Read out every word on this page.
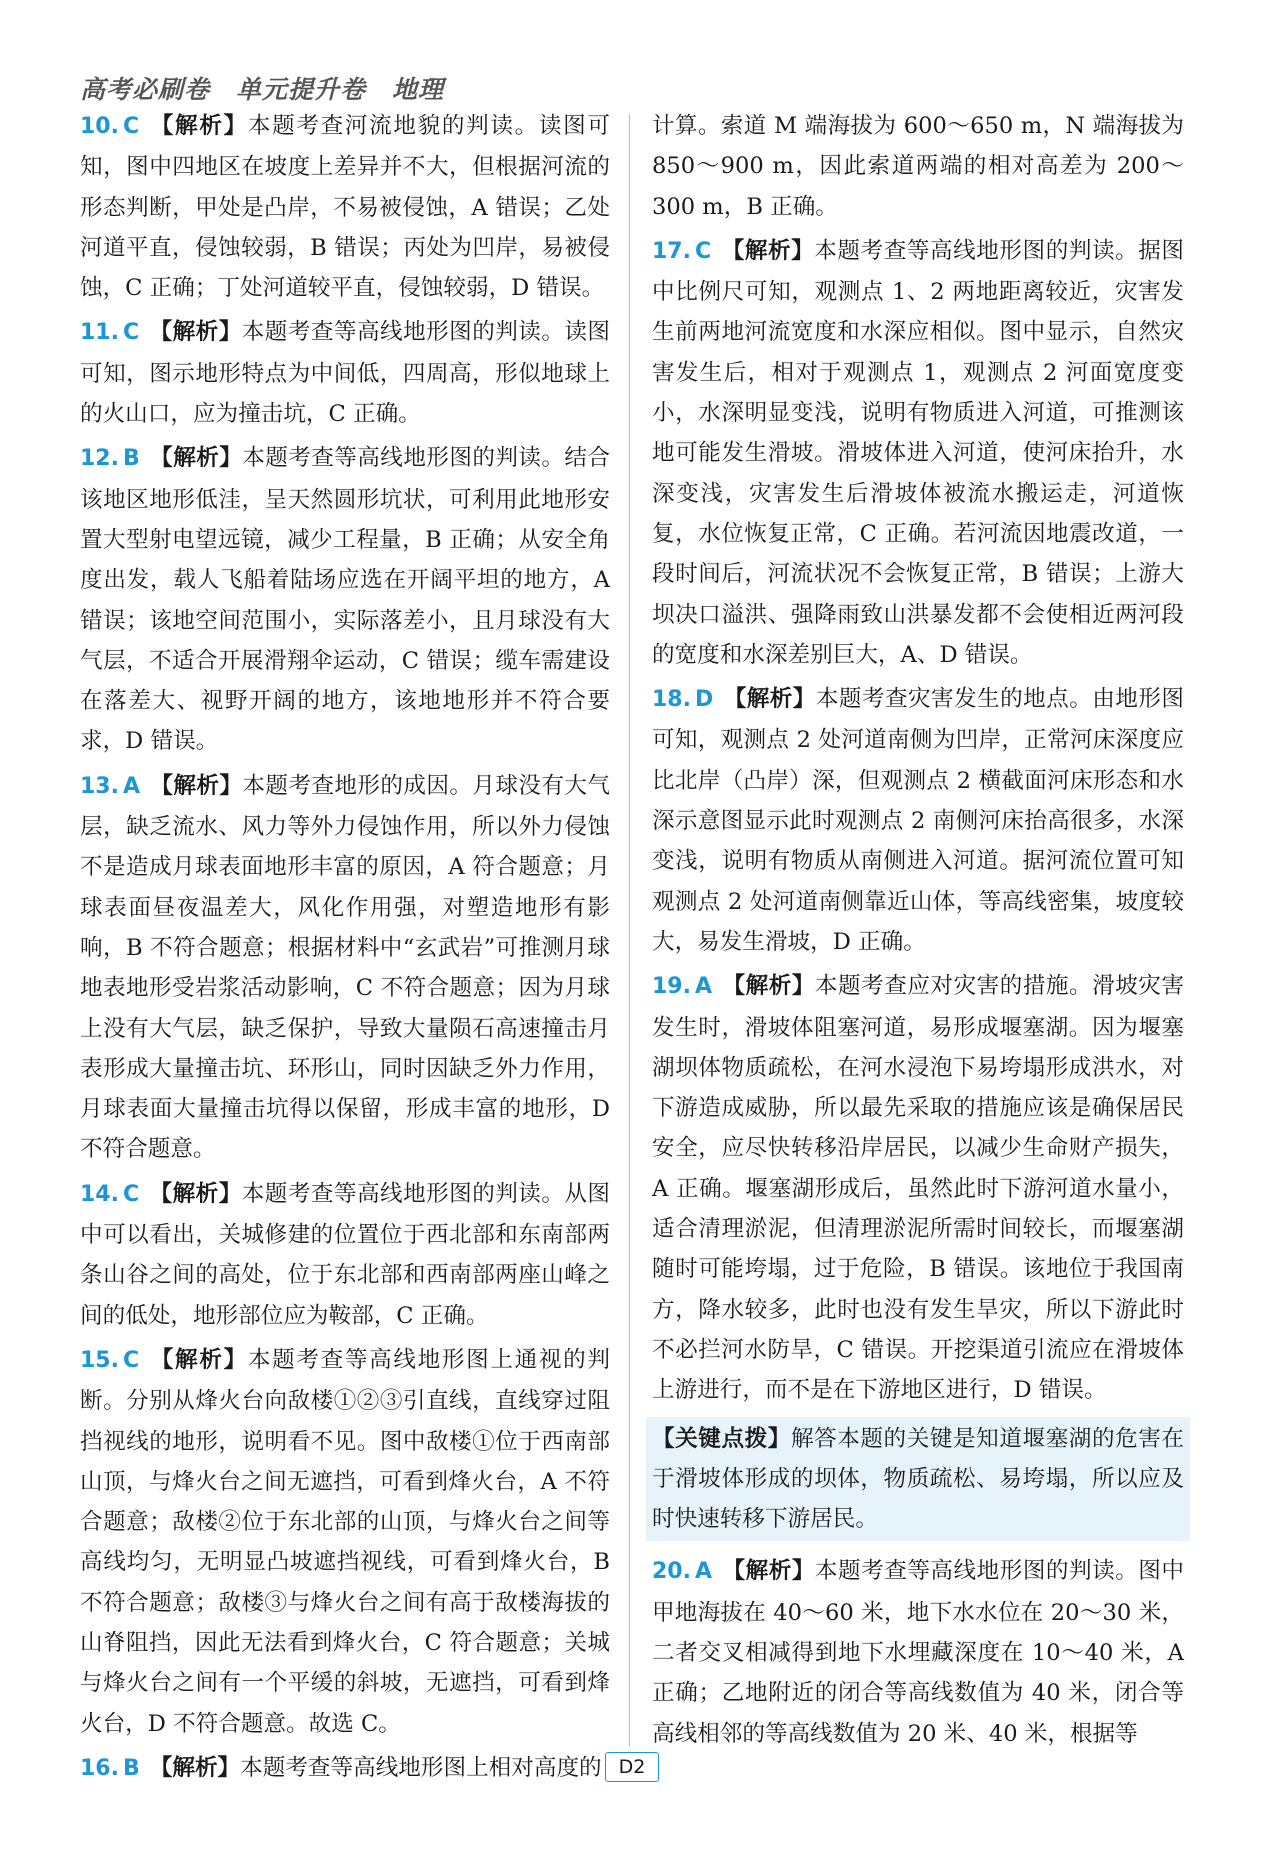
高考必刷卷　单元提升卷　地理

10. C 【解析】本题考查河流地貌的判读。读图可知，图中四地区在坡度上差异并不大，但根据河流的形态判断，甲处是凸岸，不易被侵蚀，A 错误；乙处河道平直，侵蚀较弱，B 错误；丙处为凹岸，易被侵蚀，C 正确；丁处河道较平直，侵蚀较弱，D 错误。

11. C 【解析】本题考查等高线地形图的判读。读图可知，图示地形特点为中间低，四周高，形似地球上的火山口，应为撞击坑，C 正确。

12. B 【解析】本题考查等高线地形图的判读。结合该地区地形低洼，呈天然圆形坑状，可利用此地形安置大型射电望远镜，减少工程量，B 正确；从安全角度出发，载人飞船着陆场应选在开阔平坦的地方，A 错误；该地空间范围小，实际落差小，且月球没有大气层，不适合开展滑翔伞运动，C 错误；缆车需建设在落差大、视野开阔的地方，该地地形并不符合要求，D 错误。

13. A 【解析】本题考查地形的成因。月球没有大气层，缺乏流水、风力等外力侵蚀作用，所以外力侵蚀不是造成月球表面地形丰富的原因，A 符合题意；月球表面昼夜温差大，风化作用强，对塑造地形有影响，B 不符合题意；根据材料中“玄武岩”可推测月球地表地形受岩浆活动影响，C 不符合题意；因为月球上没有大气层，缺乏保护，导致大量陨石高速撞击月表形成大量撞击坑、环形山，同时因缺乏外力作用，月球表面大量撞击坑得以保留，形成丰富的地形，D 不符合题意。

14. C 【解析】本题考查等高线地形图的判读。从图中可以看出，关城修建的位置位于西北部和东南部两条山谷之间的高处，位于东北部和西南部两座山峰之间的低处，地形部位应为鞍部，C 正确。

15. C 【解析】本题考查等高线地形图上通视的判断。分别从烽火台向敌楼①②③引直线，直线穿过阻挡视线的地形，说明看不见。图中敌楼①位于西南部山顶，与烽火台之间无遮挡，可看到烽火台，A 不符合题意；敌楼②位于东北部的山顶，与烽火台之间等高线均匀，无明显凸坡遮挡视线，可看到烽火台，B 不符合题意；敌楼③与烽火台之间有高于敌楼海拔的山脊阻挡，因此无法看到烽火台，C 符合题意；关城与烽火台之间有一个平缓的斜坡，无遮挡，可看到烽火台，D 不符合题意。故选 C。

16. B 【解析】本题考查等高线地形图上相对高度的

计算。索道 M 端海拔为 600～650 m，N 端海拔为 850～900 m，因此索道两端的相对高差为 200～300 m，B 正确。

17. C 【解析】本题考查等高线地形图的判读。据图中比例尺可知，观测点 1、2 两地距离较近，灾害发生前两地河流宽度和水深应相似。图中显示，自然灾害发生后，相对于观测点 1，观测点 2 河面宽度变小，水深明显变浅，说明有物质进入河道，可推测该地可能发生滑坡。滑坡体进入河道，使河床抬升，水深变浅，灾害发生后滑坡体被流水搬运走，河道恢复，水位恢复正常，C 正确。若河流因地震改道，一段时间后，河流状况不会恢复正常，B 错误；上游大坝决口溢洪、强降雨致山洪暴发都不会使相近两河段的宽度和水深差别巨大，A、D 错误。

18. D 【解析】本题考查灾害发生的地点。由地形图可知，观测点 2 处河道南侧为凹岸，正常河床深度应比北岸（凸岸）深，但观测点 2 横截面河床形态和水深示意图显示此时观测点 2 南侧河床抬高很多，水深变浅，说明有物质从南侧进入河道。据河流位置可知观测点 2 处河道南侧靠近山体，等高线密集，坡度较大，易发生滑坡，D 正确。

19. A 【解析】本题考查应对灾害的措施。滑坡灾害发生时，滑坡体阻塞河道，易形成堰塞湖。因为堰塞湖坝体物质疏松，在河水浸泡下易垮塌形成洪水，对下游造成威胁，所以最先采取的措施应该是确保居民安全，应尽快转移沿岸居民，以减少生命财产损失，A 正确。堰塞湖形成后，虽然此时下游河道水量小，适合清理淤泥，但清理淤泥所需时间较长，而堰塞湖随时可能垮塌，过于危险，B 错误。该地位于我国南方，降水较多，此时也没有发生旱灾，所以下游此时不必拦河水防旱，C 错误。开挖渠道引流应在滑坡体上游进行，而不是在下游地区进行，D 错误。

【关键点拨】解答本题的关键是知道堰塞湖的危害在于滑坡体形成的坝体，物质疏松、易垮塌，所以应及时快速转移下游居民。

20. A 【解析】本题考查等高线地形图的判读。图中甲地海拔在 40～60 米，地下水水位在 20～30 米，二者交叉相减得到地下水埋藏深度在 10～40 米，A 正确；乙地附近的闭合等高线数值为 40 米，闭合等高线相邻的等高线数值为 20 米、40 米，根据等

D2
